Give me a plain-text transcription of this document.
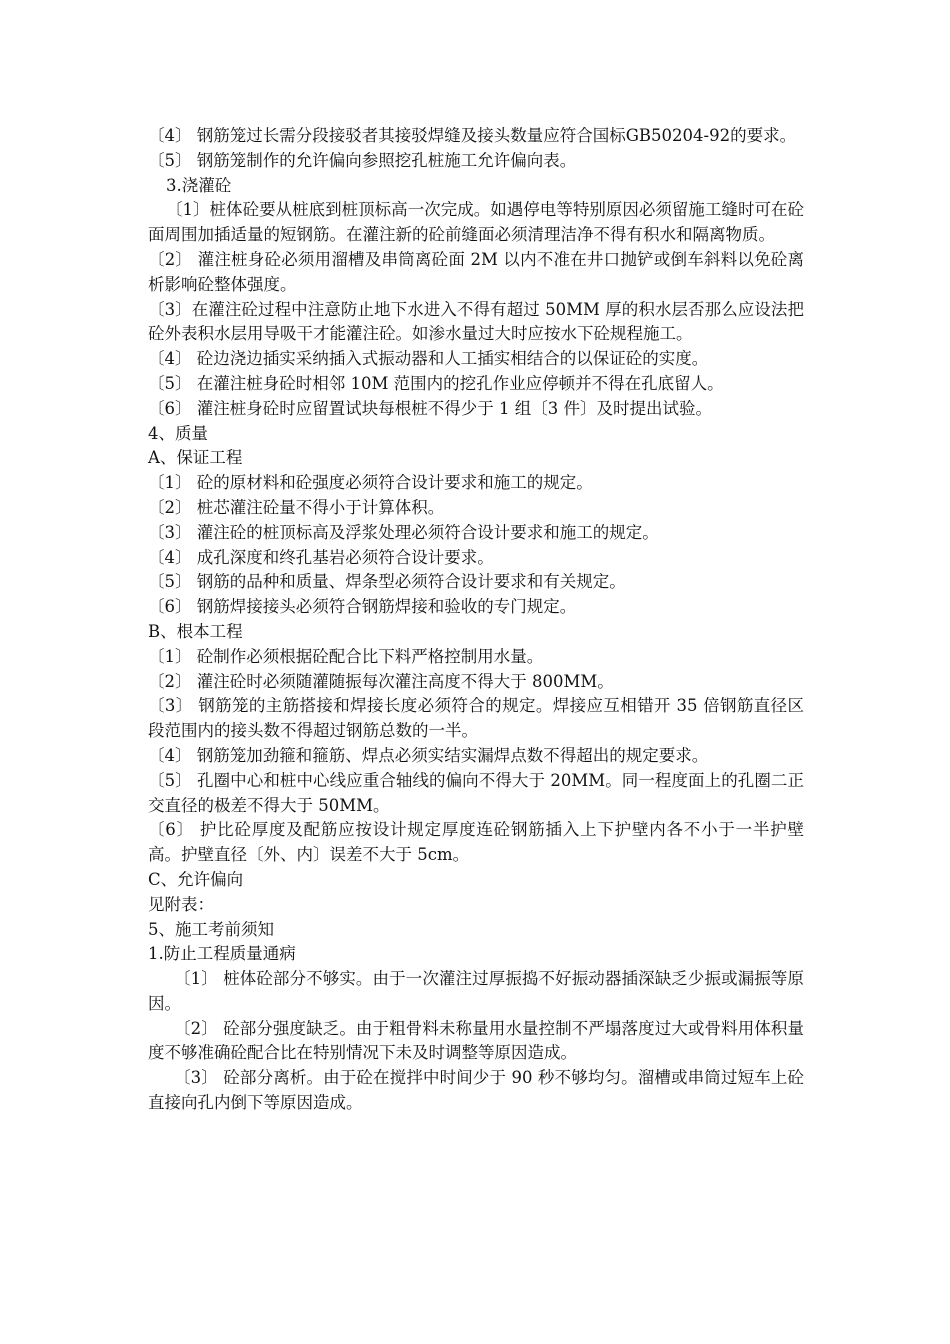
〔4〕 钢筋笼过长需分段接驳者其接驳焊缝及接头数量应符合国标GB50204-92的要求。

〔5〕 钢筋笼制作的允许偏向参照挖孔桩施工允许偏向表。

3.浇灌砼

〔1〕桩体砼要从桩底到桩顶标高一次完成。如遇停电等特别原因必须留施工缝时可在砼面周围加插适量的短钢筋。在灌注新的砼前缝面必须清理洁净不得有积水和隔离物质。

〔2〕 灌注桩身砼必须用溜槽及串筒离砼面 2M 以内不准在井口抛铲或倒车斜料以免砼离析影响砼整体强度。

〔3〕在灌注砼过程中注意防止地下水进入不得有超过 50MM 厚的积水层否那么应设法把砼外表积水层用导吸干才能灌注砼。如渗水量过大时应按水下砼规程施工。

〔4〕 砼边浇边插实采纳插入式振动器和人工插实相结合的以保证砼的实度。

〔5〕 在灌注桩身砼时相邻 10M 范围内的挖孔作业应停顿并不得在孔底留人。

〔6〕 灌注桩身砼时应留置试块每根桩不得少于 1 组〔3 件〕及时提出试验。

4、质量

A、保证工程

〔1〕 砼的原材料和砼强度必须符合设计要求和施工的规定。

〔2〕 桩芯灌注砼量不得小于计算体积。

〔3〕 灌注砼的桩顶标高及浮浆处理必须符合设计要求和施工的规定。

〔4〕 成孔深度和终孔基岩必须符合设计要求。

〔5〕 钢筋的品种和质量、焊条型必须符合设计要求和有关规定。

〔6〕 钢筋焊接接头必须符合钢筋焊接和验收的专门规定。

B、根本工程

〔1〕 砼制作必须根据砼配合比下料严格控制用水量。

〔2〕 灌注砼时必须随灌随振每次灌注高度不得大于 800MM。

〔3〕 钢筋笼的主筋搭接和焊接长度必须符合的规定。焊接应互相错开 35 倍钢筋直径区段范围内的接头数不得超过钢筋总数的一半。

〔4〕 钢筋笼加劲箍和箍筋、焊点必须实结实漏焊点数不得超出的规定要求。

〔5〕 孔圈中心和桩中心线应重合轴线的偏向不得大于 20MM。同一程度面上的孔圈二正交直径的极差不得大于 50MM。

〔6〕 护比砼厚度及配筋应按设计规定厚度连砼钢筋插入上下护壁内各不小于一半护壁高。护壁直径〔外、内〕误差不大于 5cm。

C、允许偏向

见附表：

5、施工考前须知

1.防止工程质量通病

〔1〕 桩体砼部分不够实。由于一次灌注过厚振捣不好振动器插深缺乏少振或漏振等原因。

〔2〕 砼部分强度缺乏。由于粗骨料未称量用水量控制不严塌落度过大或骨料用体积量度不够准确砼配合比在特别情况下未及时调整等原因造成。

〔3〕 砼部分离析。由于砼在搅拌中时间少于 90 秒不够均匀。溜槽或串筒过短车上砼直接向孔内倒下等原因造成。
